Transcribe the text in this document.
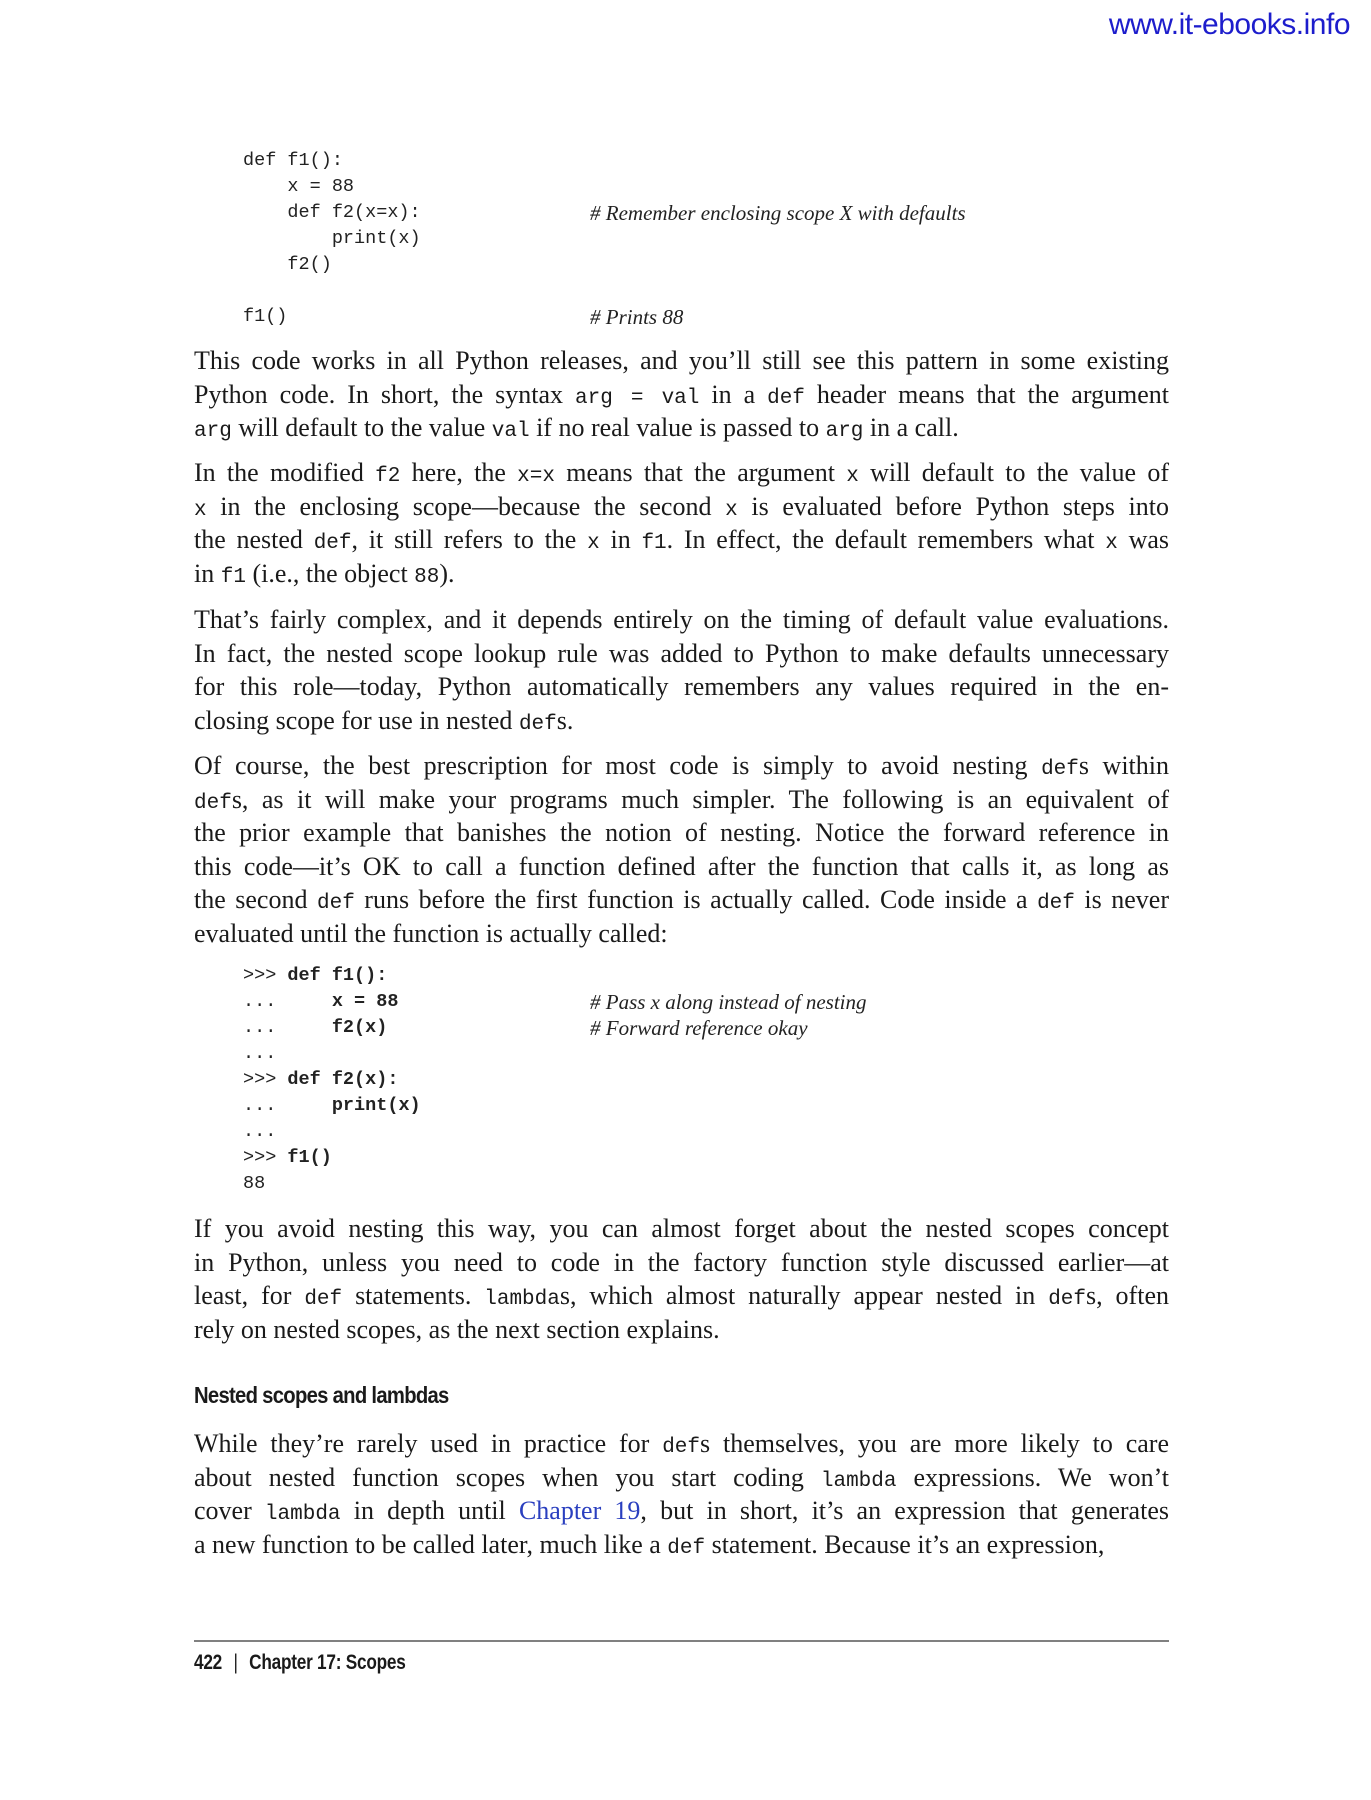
www.it-ebooks.info
def f1():
x = 88
def f2(x=x):	# Remember enclosing scope X with defaults
print(x)
f2()
f1()	# Prints 88
This code works in all Python releases, and you’ll still see this pattern in some existing
Python code. In short, the syntax arg = val in a def header means that the argument
arg will default to the value val if no real value is passed to arg in a call.
In the modified f2 here, the x=x means that the argument x will default to the value of
x in the enclosing scope—because the second x is evaluated before Python steps into
the nested def, it still refers to the x in f1. In effect, the default remembers what x was
in f1 (i.e., the object 88).
That’s fairly complex, and it depends entirely on the timing of default value evaluations.
In fact, the nested scope lookup rule was added to Python to make defaults unnecessary
for this role—today, Python automatically remembers any values required in the en-
closing scope for use in nested defs.
Of course, the best prescription for most code is simply to avoid nesting defs within
defs, as it will make your programs much simpler. The following is an equivalent of
the prior example that banishes the notion of nesting. Notice the forward reference in
this code—it’s OK to call a function defined after the function that calls it, as long as
the second def runs before the first function is actually called. Code inside a def is never
evaluated until the function is actually called:
>>> def f1():
...     x = 88	# Pass x along instead of nesting
...     f2(x)	# Forward reference okay
...
>>> def f2(x):
...     print(x)
...
>>> f1()
88
If you avoid nesting this way, you can almost forget about the nested scopes concept
in Python, unless you need to code in the factory function style discussed earlier—at
least, for def statements. lambdas, which almost naturally appear nested in defs, often
rely on nested scopes, as the next section explains.
Nested scopes and lambdas
While they’re rarely used in practice for defs themselves, you are more likely to care
about nested function scopes when you start coding lambda expressions. We won’t
cover lambda in depth until Chapter 19, but in short, it’s an expression that generates
a new function to be called later, much like a def statement. Because it’s an expression,
422 | Chapter 17: Scopes
